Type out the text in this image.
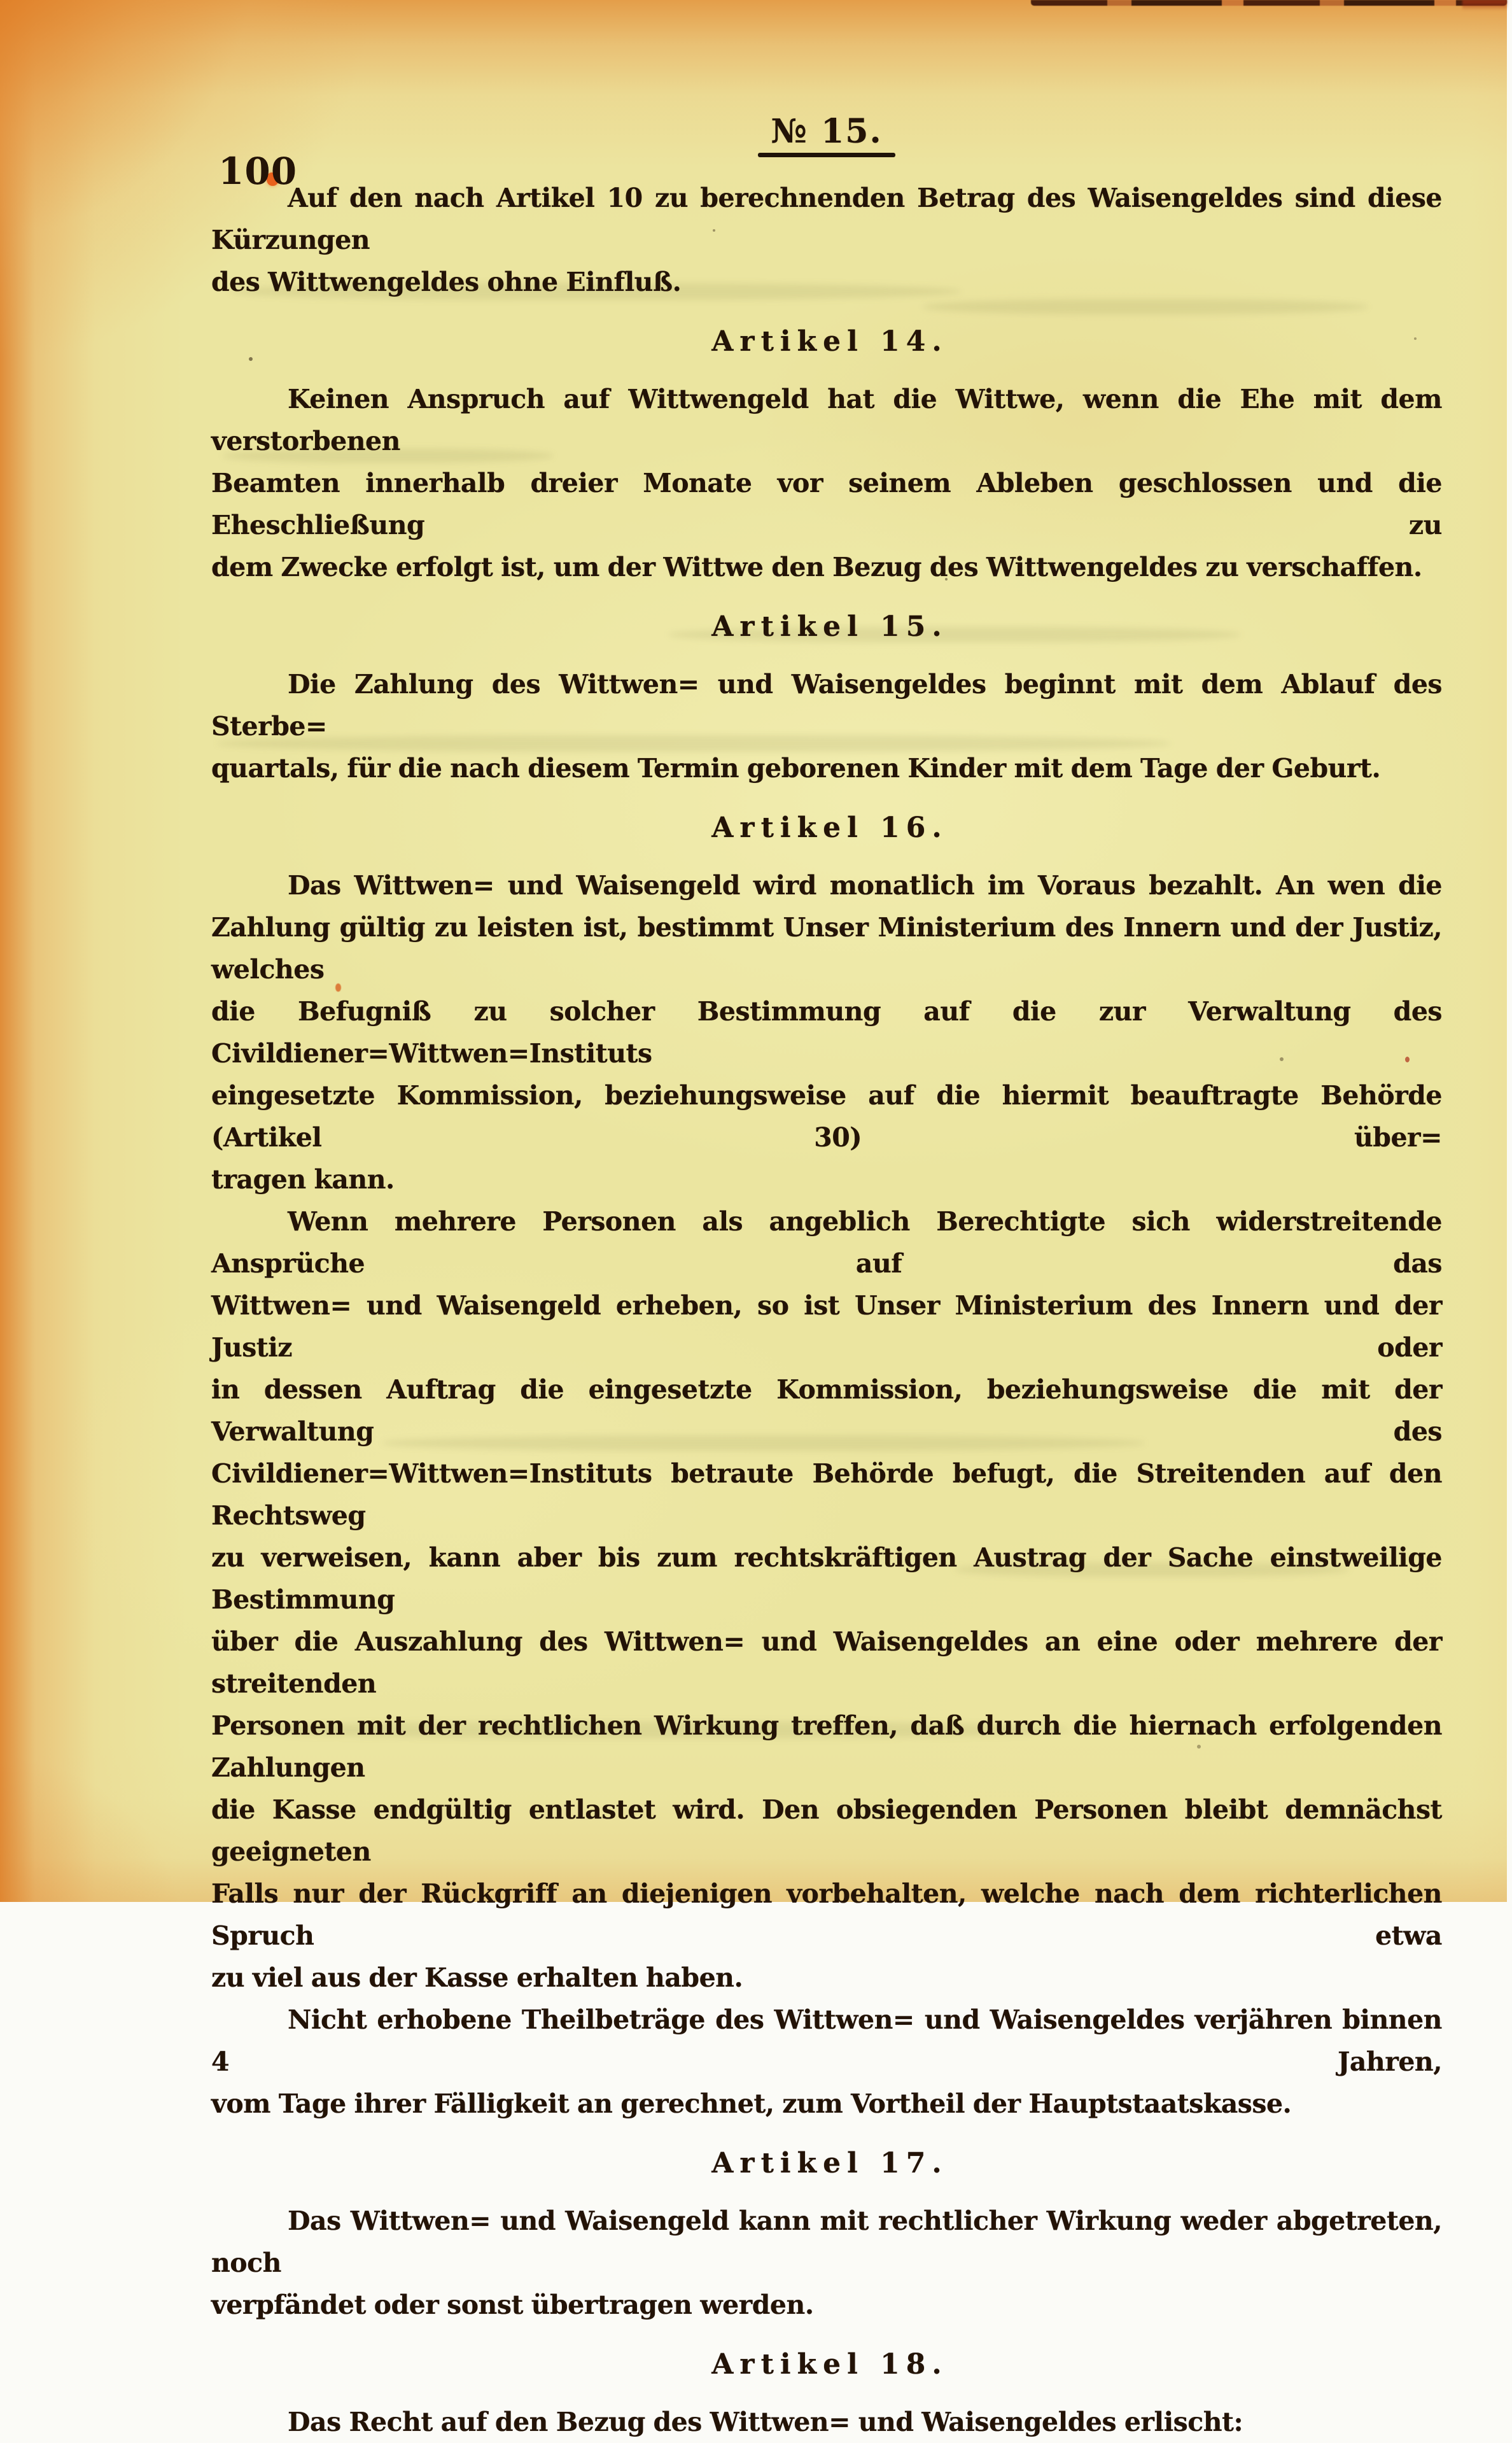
100
№ 15.
Auf den nach Artikel 10 zu berechnenden Betrag des Waisengeldes sind diese Kürzungen
des Wittwengeldes ohne Einfluß.
Artikel 14.
Keinen Anspruch auf Wittwengeld hat die Wittwe, wenn die Ehe mit dem verstorbenen
Beamten innerhalb dreier Monate vor seinem Ableben geschlossen und die Eheschließung zu
dem Zwecke erfolgt ist, um der Wittwe den Bezug des Wittwengeldes zu verschaffen.
Artikel 15.
Die Zahlung des Wittwen= und Waisengeldes beginnt mit dem Ablauf des Sterbe=
quartals, für die nach diesem Termin geborenen Kinder mit dem Tage der Geburt.
Artikel 16.
Das Wittwen= und Waisengeld wird monatlich im Voraus bezahlt. An wen die
Zahlung gültig zu leisten ist, bestimmt Unser Ministerium des Innern und der Justiz, welches
die Befugniß zu solcher Bestimmung auf die zur Verwaltung des Civildiener=Wittwen=Instituts
eingesetzte Kommission, beziehungsweise auf die hiermit beauftragte Behörde (Artikel 30) über=
tragen kann.
Wenn mehrere Personen als angeblich Berechtigte sich widerstreitende Ansprüche auf das
Wittwen= und Waisengeld erheben, so ist Unser Ministerium des Innern und der Justiz oder
in dessen Auftrag die eingesetzte Kommission, beziehungsweise die mit der Verwaltung des
Civildiener=Wittwen=Instituts betraute Behörde befugt, die Streitenden auf den Rechtsweg
zu verweisen, kann aber bis zum rechtskräftigen Austrag der Sache einstweilige Bestimmung
über die Auszahlung des Wittwen= und Waisengeldes an eine oder mehrere der streitenden
Personen mit der rechtlichen Wirkung treffen, daß durch die hiernach erfolgenden Zahlungen
die Kasse endgültig entlastet wird. Den obsiegenden Personen bleibt demnächst geeigneten
Falls nur der Rückgriff an diejenigen vorbehalten, welche nach dem richterlichen Spruch etwa
zu viel aus der Kasse erhalten haben.
Nicht erhobene Theilbeträge des Wittwen= und Waisengeldes verjähren binnen 4 Jahren,
vom Tage ihrer Fälligkeit an gerechnet, zum Vortheil der Hauptstaatskasse.
Artikel 17.
Das Wittwen= und Waisengeld kann mit rechtlicher Wirkung weder abgetreten, noch
verpfändet oder sonst übertragen werden.
Artikel 18.
Das Recht auf den Bezug des Wittwen= und Waisengeldes erlischt:
